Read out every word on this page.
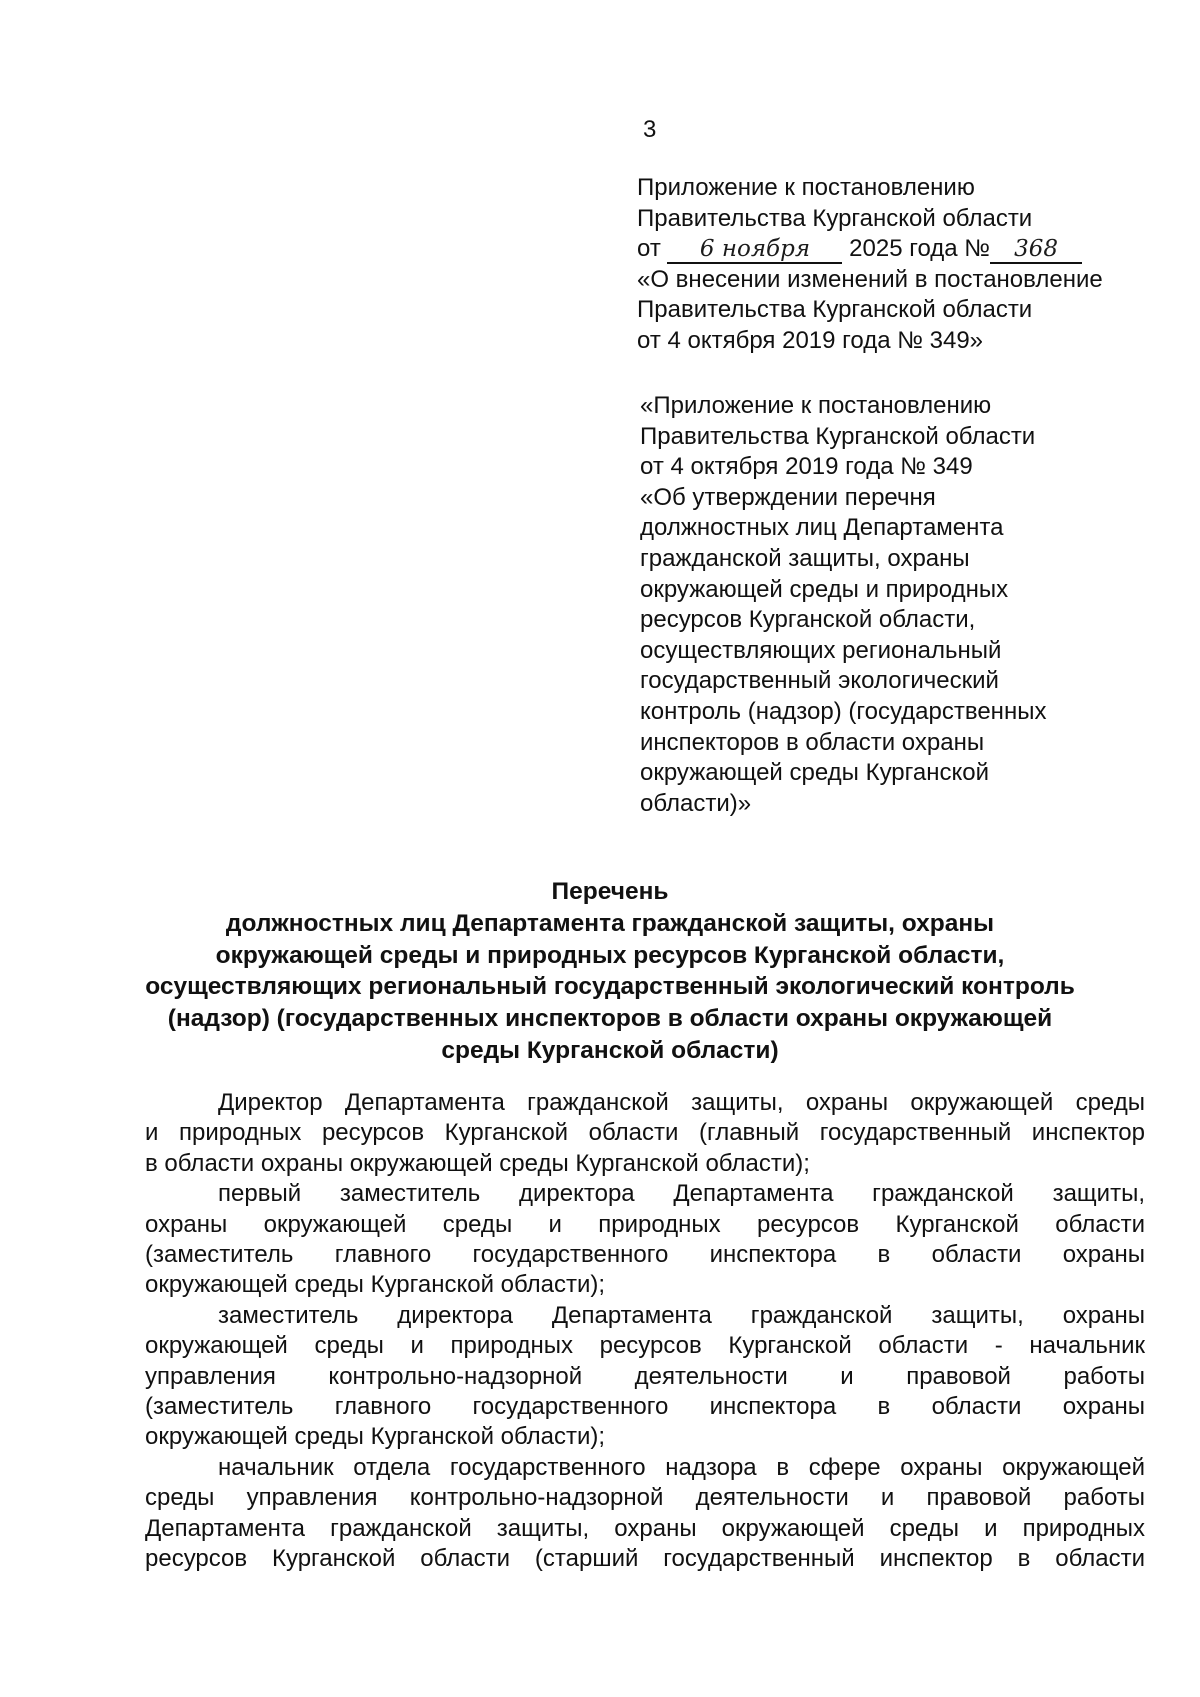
3
Приложение к постановлению
Правительства Курганской области
от 6 ноября 2025 года № 368
«О внесении изменений в постановление
Правительства Курганской области
от 4 октября 2019 года № 349»
«Приложение к постановлению
Правительства Курганской области
от 4 октября 2019 года № 349
«Об утверждении перечня
должностных лиц Департамента
гражданской защиты, охраны
окружающей среды и природных
ресурсов Курганской области,
осуществляющих региональный
государственный экологический
контроль (надзор) (государственных
инспекторов в области охраны
окружающей среды Курганской
области)»
Перечень
должностных лиц Департамента гражданской защиты, охраны
окружающей среды и природных ресурсов Курганской области,
осуществляющих региональный государственный экологический контроль
(надзор) (государственных инспекторов в области охраны окружающей
среды Курганской области)

Директор Департамента гражданской защиты, охраны окружающей среды
и природных ресурсов Курганской области (главный государственный инспектор
в области охраны окружающей среды Курганской области);

первый заместитель директора Департамента гражданской защиты,
охраны окружающей среды и природных ресурсов Курганской области
(заместитель главного государственного инспектора в области охраны
окружающей среды Курганской области);

заместитель директора Департамента гражданской защиты, охраны
окружающей среды и природных ресурсов Курганской области - начальник
управления контрольно-надзорной деятельности и правовой работы
(заместитель главного государственного инспектора в области охраны
окружающей среды Курганской области);

начальник отдела государственного надзора в сфере охраны окружающей
среды управления контрольно-надзорной деятельности и правовой работы
Департамента гражданской защиты, охраны окружающей среды и природных
ресурсов Курганской области (старший государственный инспектор в области
